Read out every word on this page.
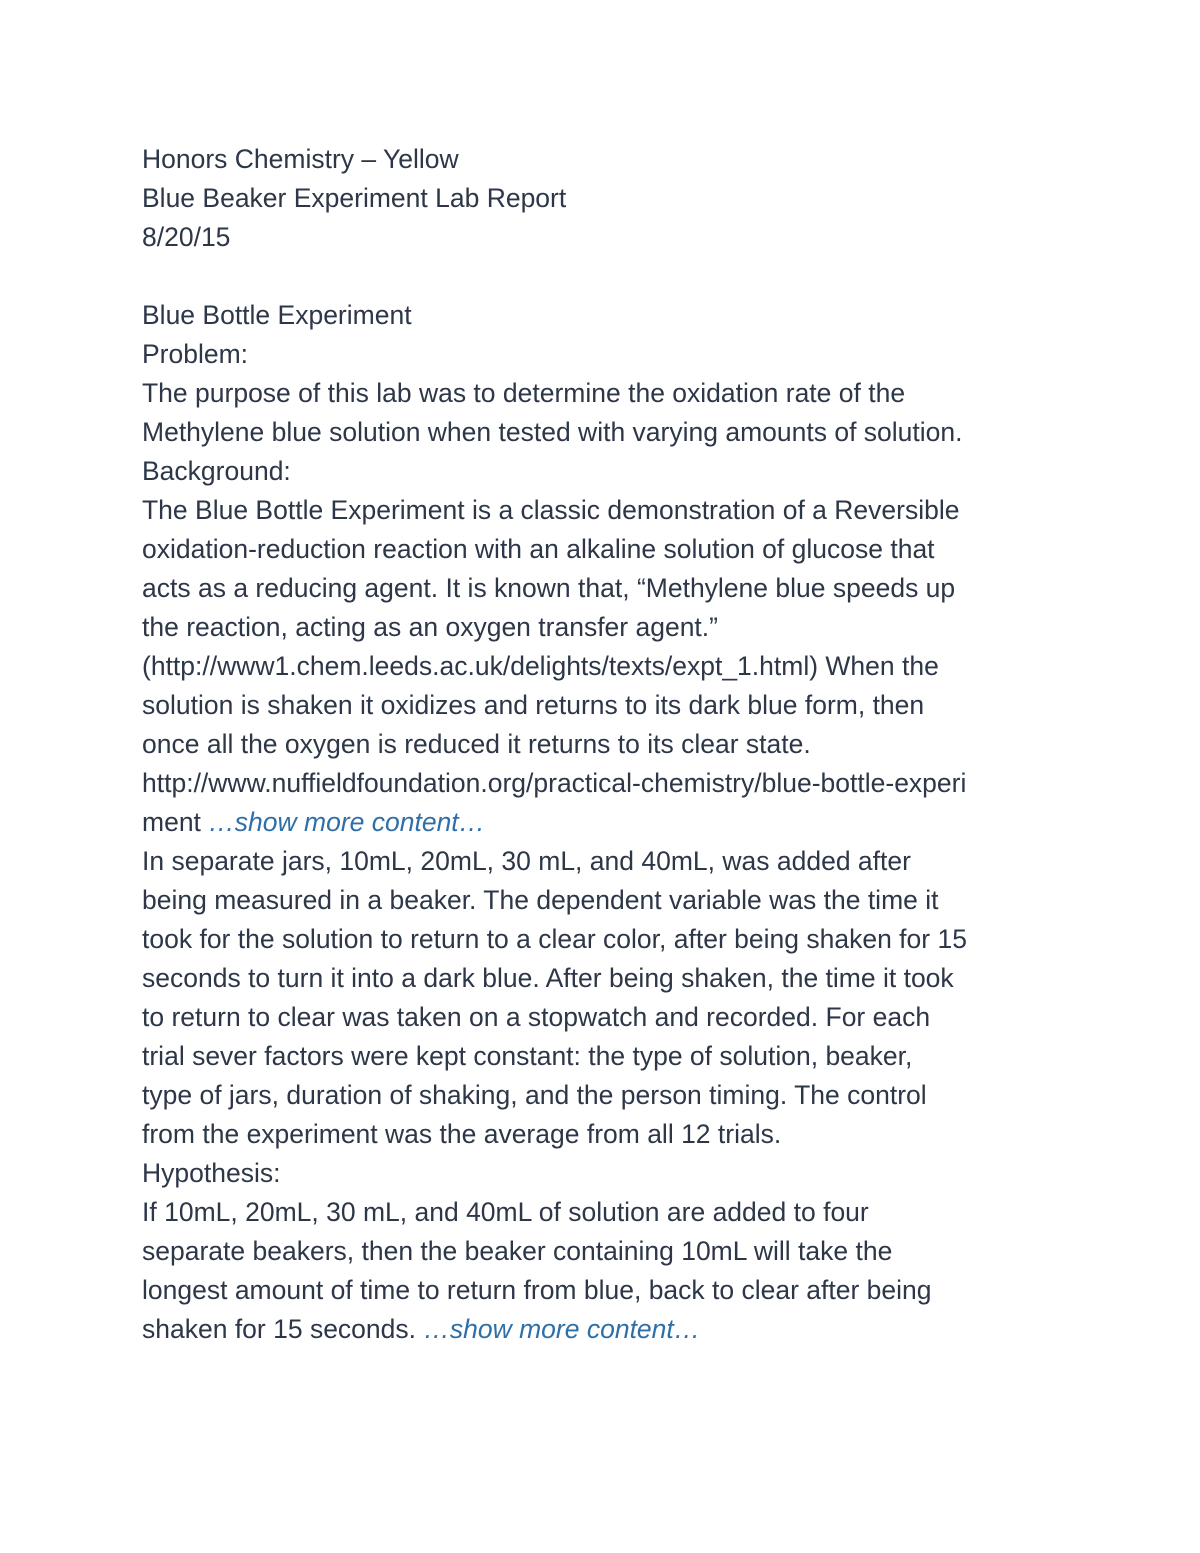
Honors Chemistry – Yellow
Blue Beaker Experiment Lab Report
8/20/15
Blue Bottle Experiment
Problem:
The purpose of this lab was to determine the oxidation rate of the
Methylene blue solution when tested with varying amounts of solution.
Background:
The Blue Bottle Experiment is a classic demonstration of a Reversible
oxidation-reduction reaction with an alkaline solution of glucose that
acts as a reducing agent. It is known that, “Methylene blue speeds up
the reaction, acting as an oxygen transfer agent.”
(http://www1.chem.leeds.ac.uk/delights/texts/expt_1.html) When the
solution is shaken it oxidizes and returns to its dark blue form, then
once all the oxygen is reduced it returns to its clear state.
http://www.nuffieldfoundation.org/practical-chemistry/blue-bottle-experi
ment …show more content…
In separate jars, 10mL, 20mL, 30 mL, and 40mL, was added after
being measured in a beaker. The dependent variable was the time it
took for the solution to return to a clear color, after being shaken for 15
seconds to turn it into a dark blue. After being shaken, the time it took
to return to clear was taken on a stopwatch and recorded. For each
trial sever factors were kept constant: the type of solution, beaker,
type of jars, duration of shaking, and the person timing. The control
from the experiment was the average from all 12 trials.
Hypothesis:
If 10mL, 20mL, 30 mL, and 40mL of solution are added to four
separate beakers, then the beaker containing 10mL will take the
longest amount of time to return from blue, back to clear after being
shaken for 15 seconds. …show more content…
